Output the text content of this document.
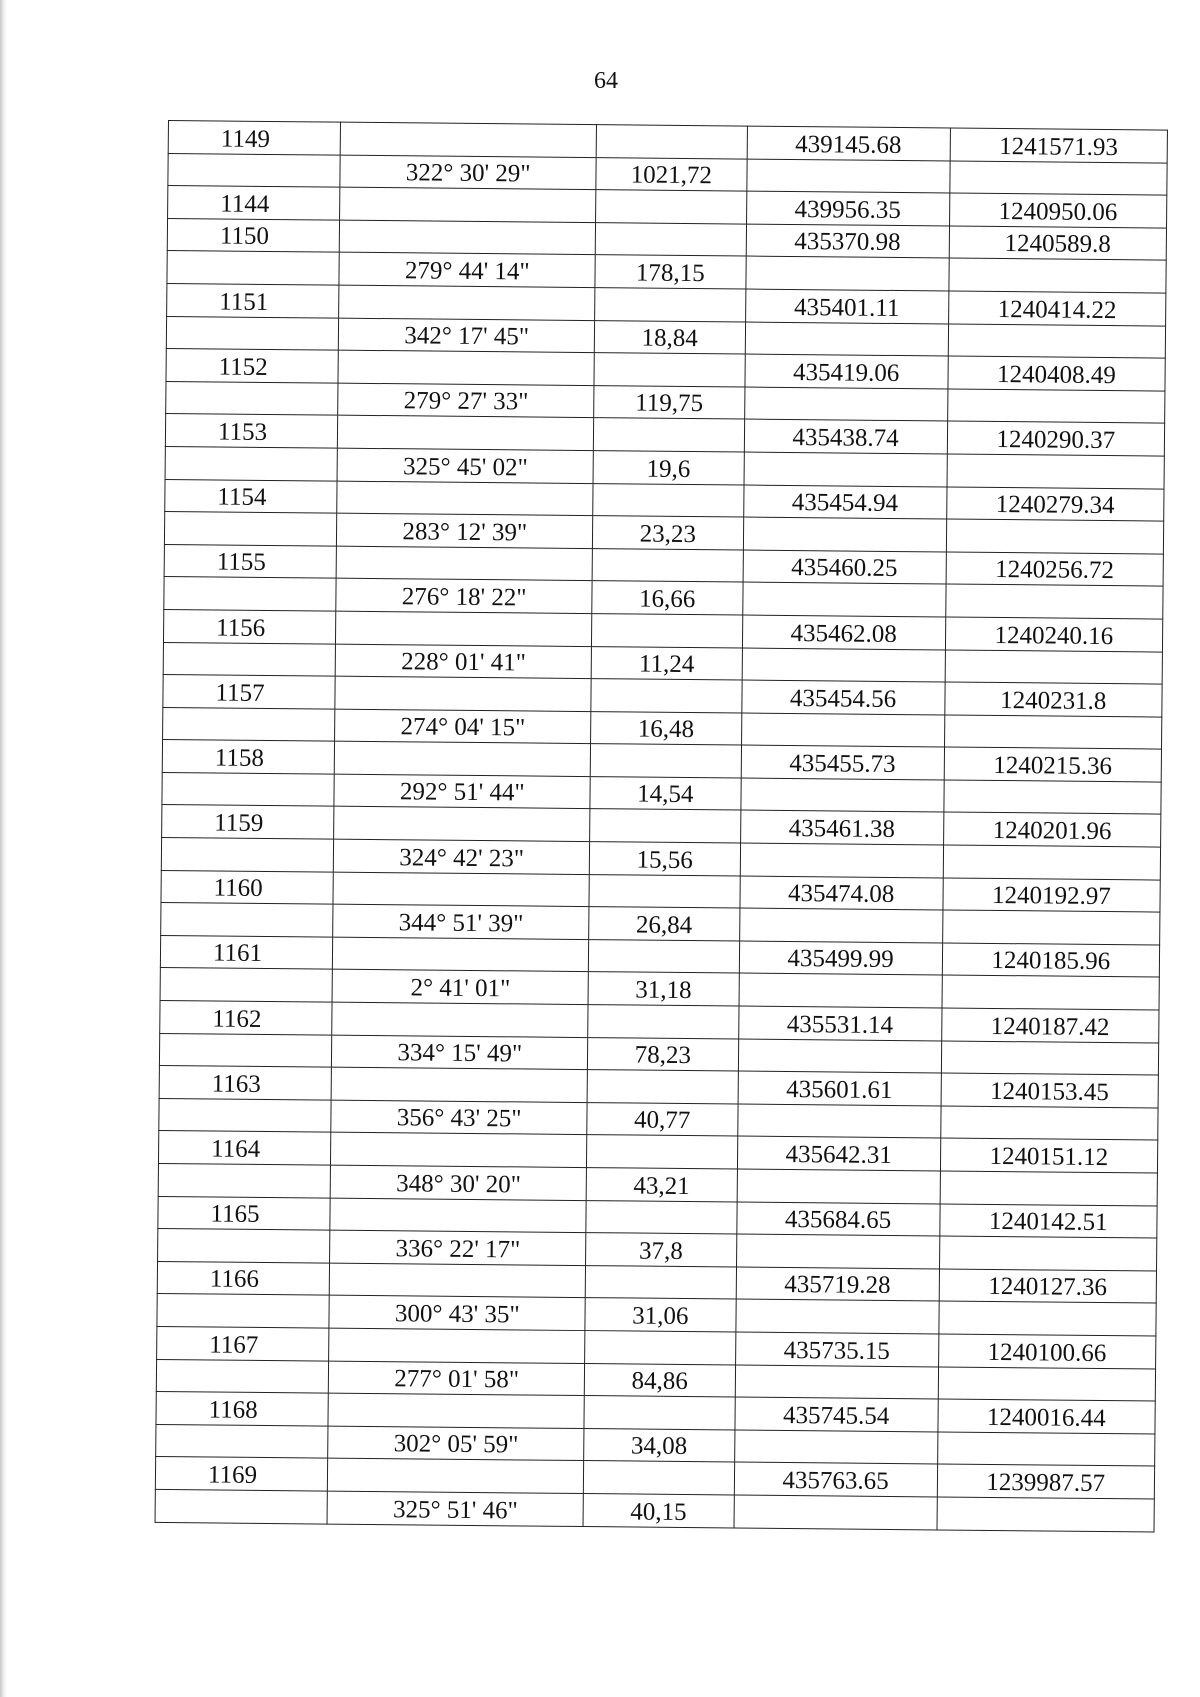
64
1149			439145.68	1241571.93
	322° 30' 29"	1021,72		
1144			439956.35	1240950.06
1150			435370.98	1240589.8
	279° 44' 14"	178,15		
1151			435401.11	1240414.22
	342° 17' 45"	18,84		
1152			435419.06	1240408.49
	279° 27' 33"	119,75		
1153			435438.74	1240290.37
	325° 45' 02"	19,6		
1154			435454.94	1240279.34
	283° 12' 39"	23,23		
1155			435460.25	1240256.72
	276° 18' 22"	16,66		
1156			435462.08	1240240.16
	228° 01' 41"	11,24		
1157			435454.56	1240231.8
	274° 04' 15"	16,48		
1158			435455.73	1240215.36
	292° 51' 44"	14,54		
1159			435461.38	1240201.96
	324° 42' 23"	15,56		
1160			435474.08	1240192.97
	344° 51' 39"	26,84		
1161			435499.99	1240185.96
	2° 41' 01"	31,18		
1162			435531.14	1240187.42
	334° 15' 49"	78,23		
1163			435601.61	1240153.45
	356° 43' 25"	40,77		
1164			435642.31	1240151.12
	348° 30' 20"	43,21		
1165			435684.65	1240142.51
	336° 22' 17"	37,8		
1166			435719.28	1240127.36
	300° 43' 35"	31,06		
1167			435735.15	1240100.66
	277° 01' 58"	84,86		
1168			435745.54	1240016.44
	302° 05' 59"	34,08		
1169			435763.65	1239987.57
	325° 51' 46"	40,15		
